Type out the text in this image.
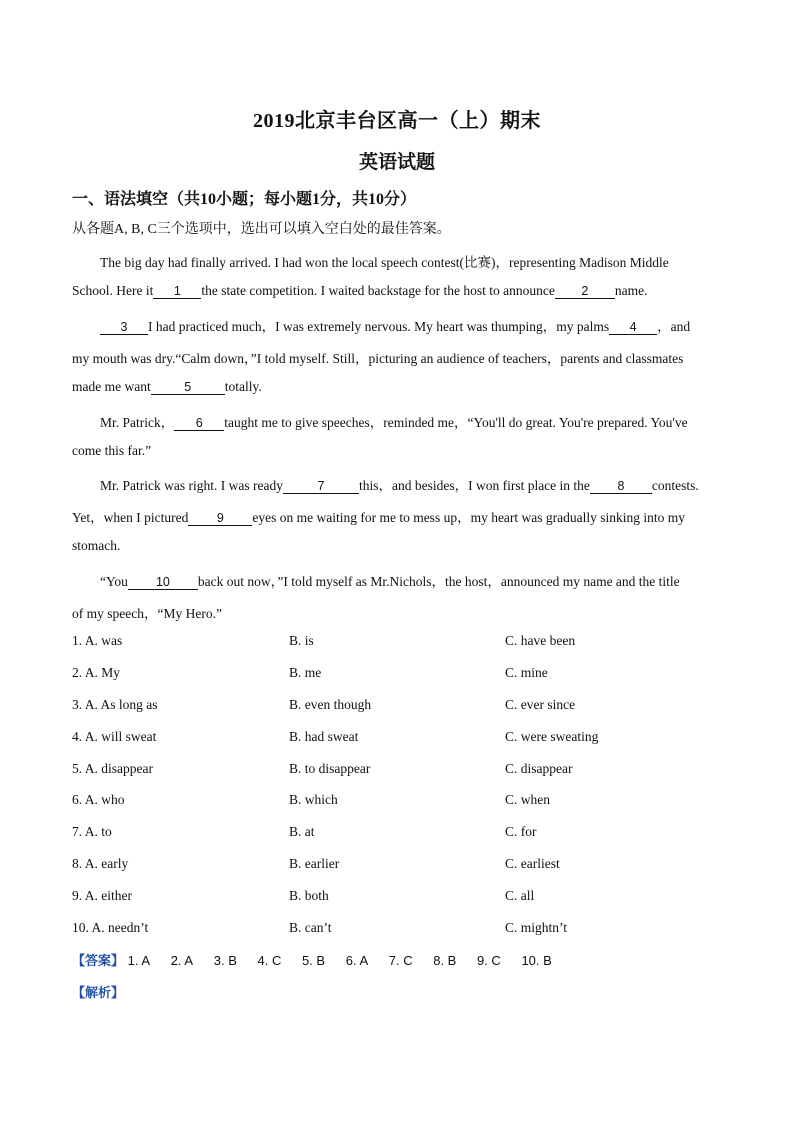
2019北京丰台区高一（上）期末
英语试题
一、语法填空（共10小题；每小题1分，共10分）
从各题A, B, C三个选项中，选出可以填入空白处的最佳答案。
The big day had finally arrived. I had won the local speech contest(比赛)，representing Madison Middle
School. Here it 1 the state competition. I waited backstage for the host to announce 2 name.
3 I had practiced much，I was extremely nervous. My heart was thumping，my palms 4 ，and
my mouth was dry.“Calm down，”I told myself. Still，picturing an audience of teachers，parents and classmates
made me want	5 totally.
Mr. Patrick， 6 taught me to give speeches，reminded me，“You'll do great. You're prepared. You've
come this far.”
Mr. Patrick was right. I was ready	7	this，and besides，I won first place in the 8 contests.
Yet，when I pictured 9 eyes on me waiting for me to mess up，my heart was gradually sinking into my
stomach.
“You 10 back out now，”I told myself as Mr.Nichols，the host，announced my name and the title
of my speech，“My Hero.”
1. A. was	B. is	C. have been
2. A. My	B. me	C. mine
3. A. As long as	B. even though	C. ever since
4. A. will sweat	B. had sweat	C. were sweating
5. A. disappear	B. to disappear	C. disappear
6. A. who	B. which	C. when
7. A. to	B. at	C. for
8. A. early	B. earlier	C. earliest
9. A. either	B. both	C. all
10. A. needn’t	B. can’t	C. mightn’t
【答案】 1. A 2. A 3. B 4. C 5. B 6. A 7. C 8. B 9. C 10. B
【解析】
